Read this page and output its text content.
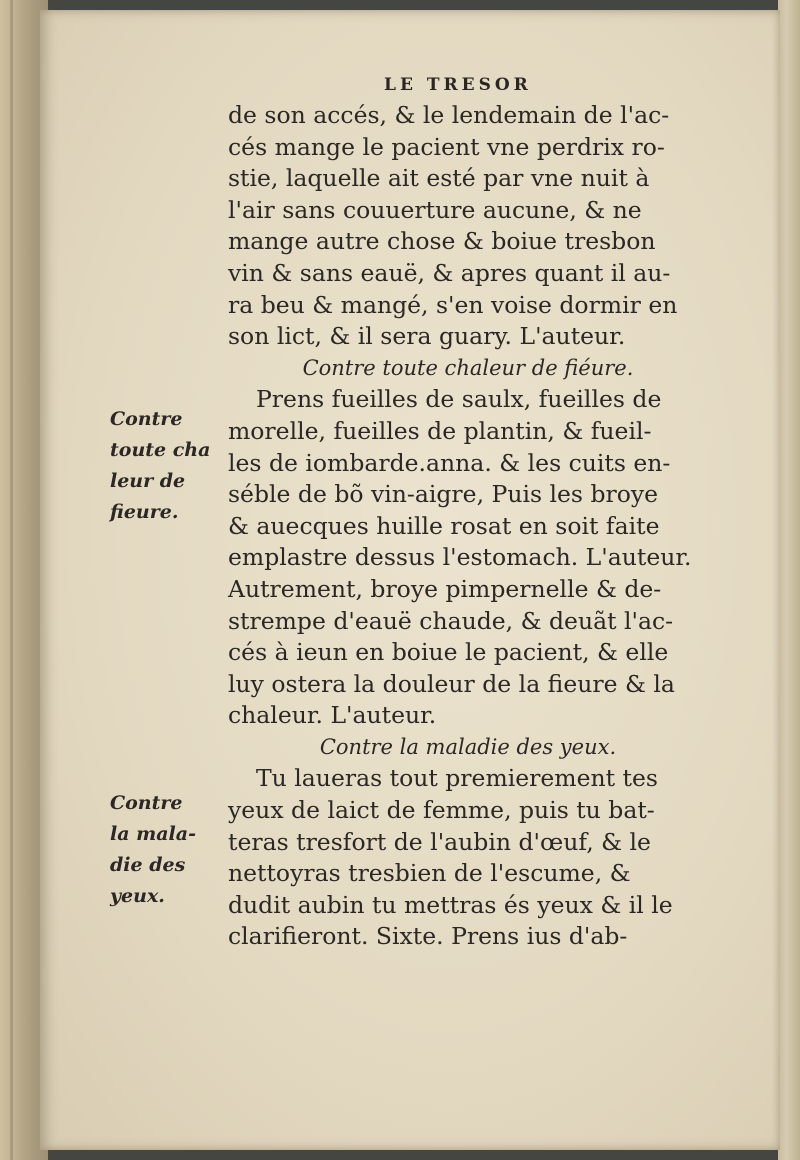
LE TRESOR
de son accés, & le lendemain de l'ac-
cés mange le pacient vne perdrix ro-
stie, laquelle ait esté par vne nuit à
l'air sans couuerture aucune, & ne
mange autre chose & boiue tresbon
vin & sans eauë, & apres quant il au-
ra beu & mangé, s'en voise dormir en
son lict, & il sera guary. L'auteur.
Contre toute chaleur de fiéure.
Prens fueilles de saulx, fueilles de
morelle, fueilles de plantin, & fueil-
les de iombarde.anna. & les cuits en-
séble de bõ vin-aigre, Puis les broye
& auecques huille rosat en soit faite
emplastre dessus l'estomach. L'auteur.
Autrement, broye pimpernelle & de-
strempe d'eauë chaude, & deuãt l'ac-
cés à ieun en boiue le pacient, & elle
luy ostera la douleur de la fieure & la
chaleur. L'auteur.
Contre la maladie des yeux.
Tu laueras tout premierement tes
yeux de laict de femme, puis tu bat-
teras tresfort de l'aubin d'œuf, & le
nettoyras tresbien de l'escume, &
dudit aubin tu mettras és yeux & il le
clarifieront. Sixte. Prens ius d'ab-
Contre
toute cha
leur de
fieure.
Contre
la mala-
die des
yeux.
